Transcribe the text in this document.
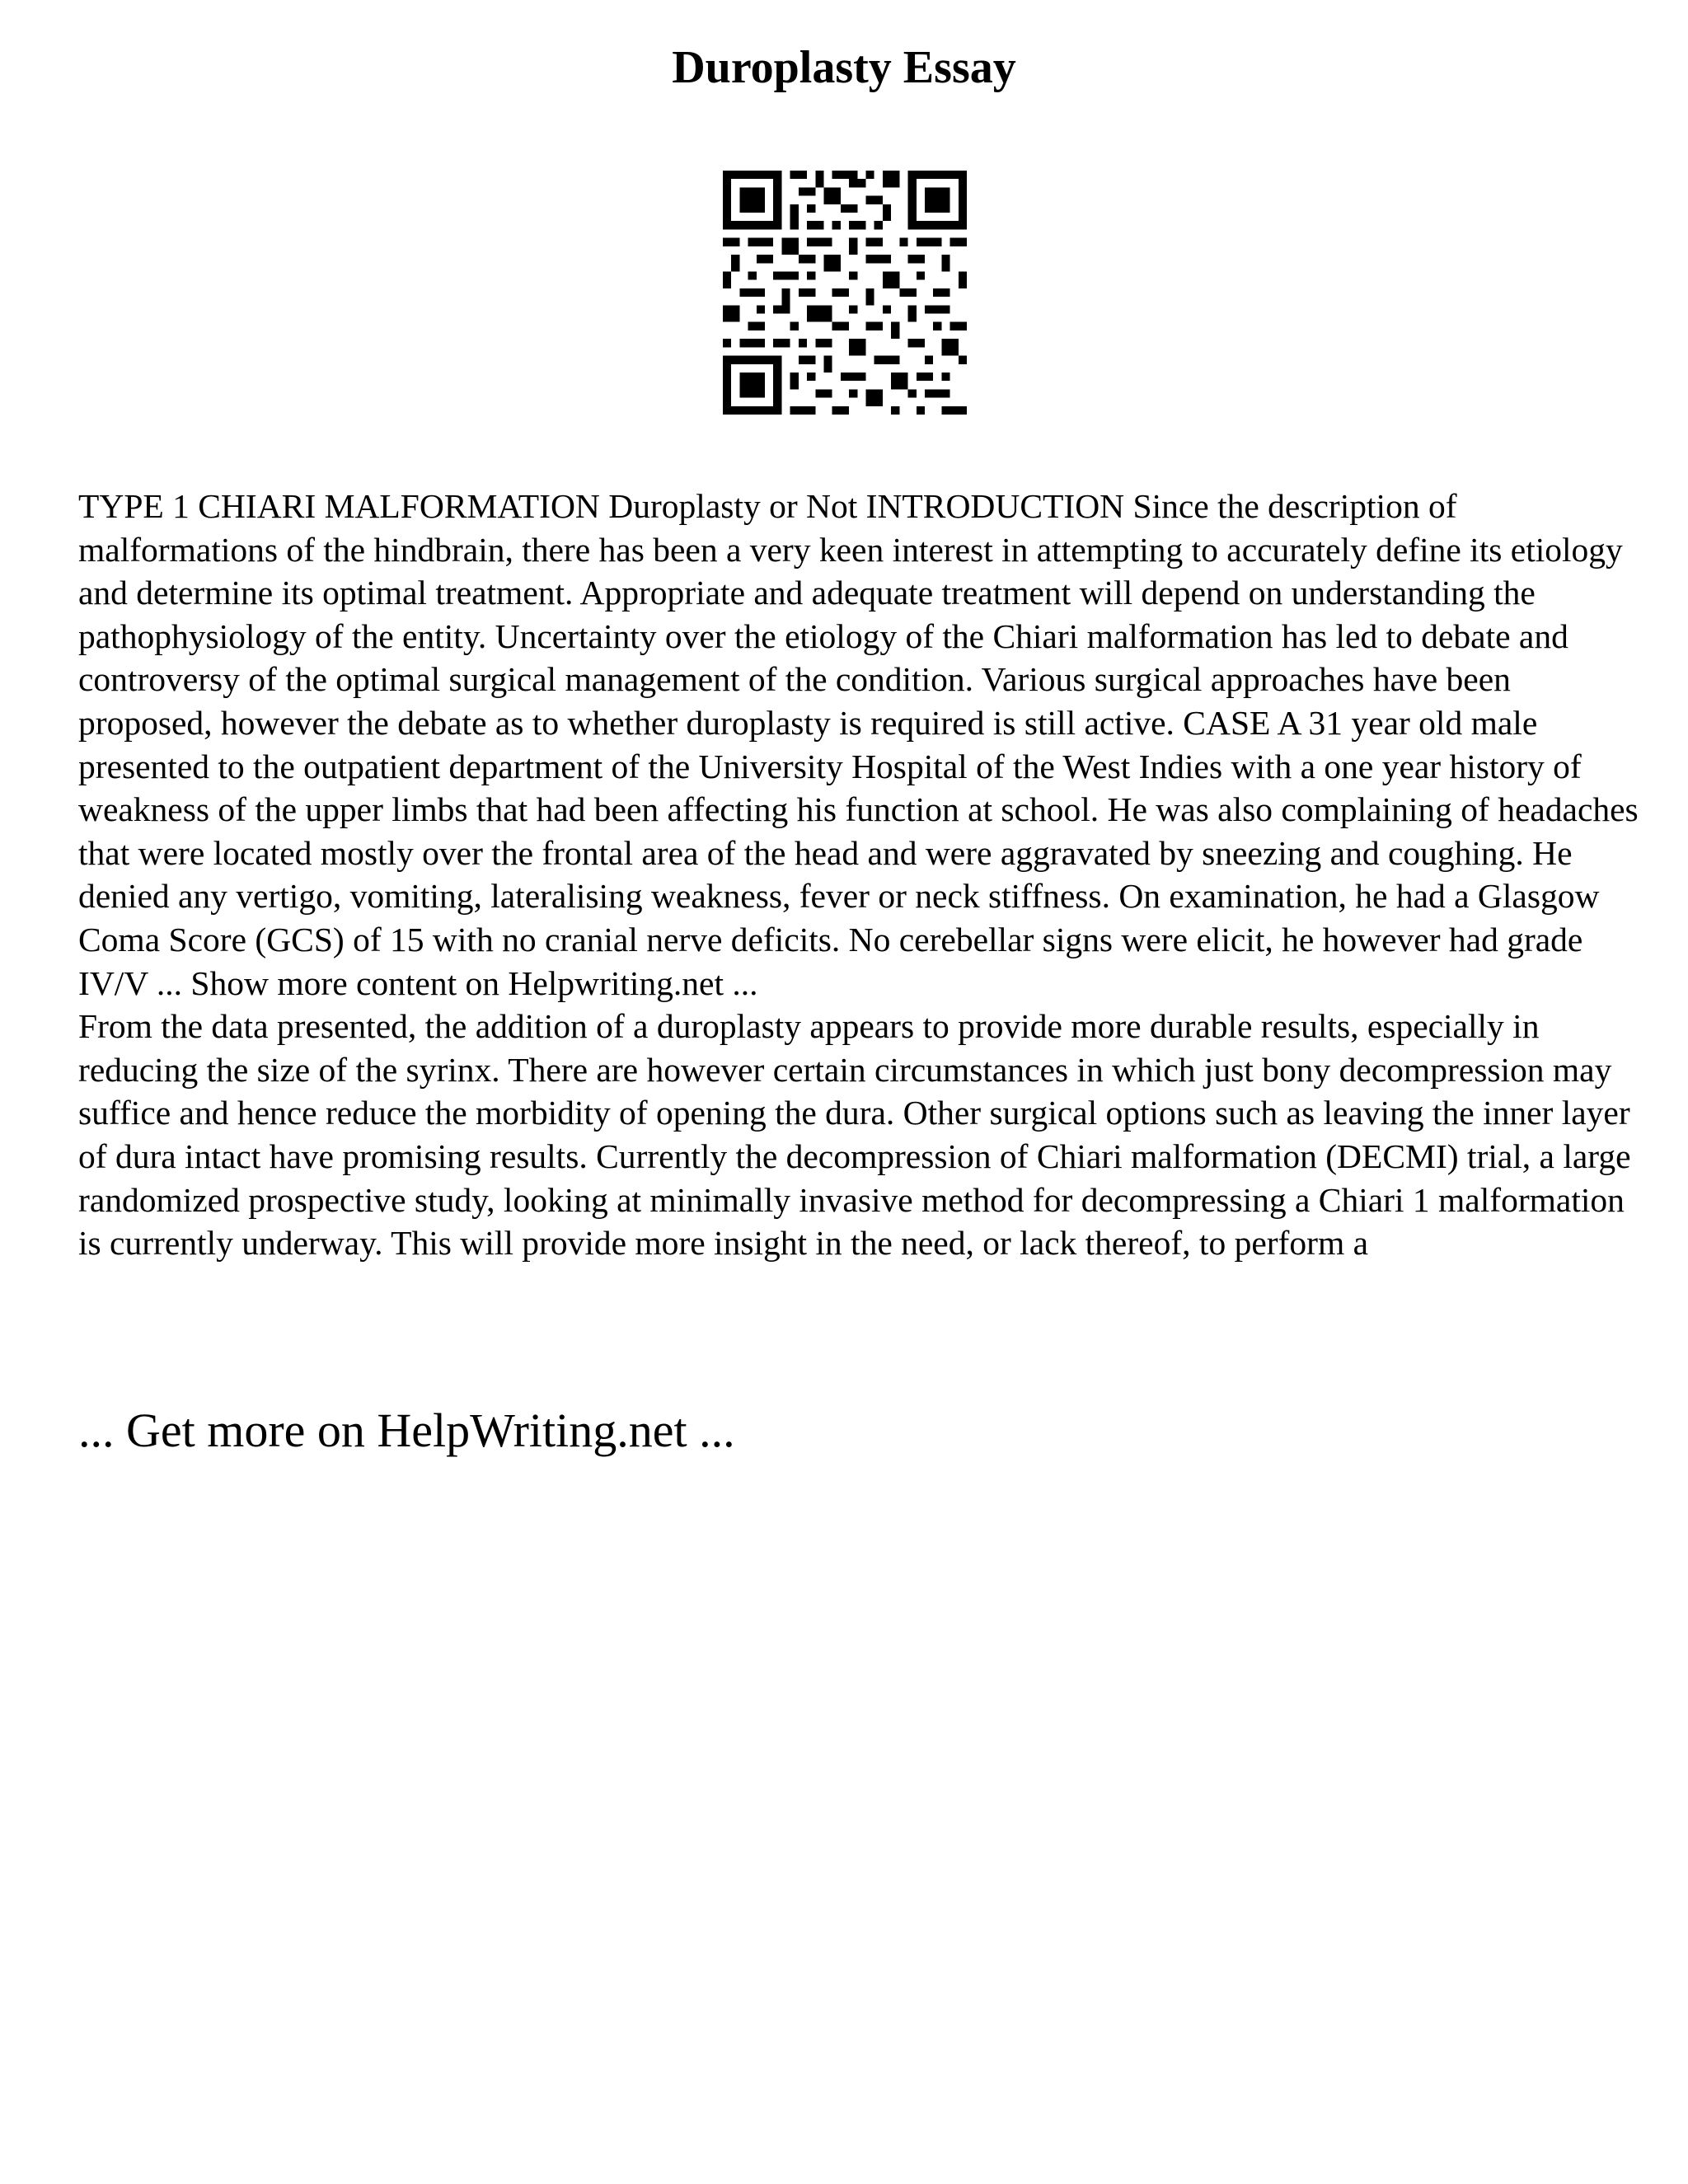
Duroplasty Essay

TYPE 1 CHIARI MALFORMATION Duroplasty or Not INTRODUCTION Since the description of malformations of the hindbrain, there has been a very keen interest in attempting to accurately define its etiology and determine its optimal treatment. Appropriate and adequate treatment will depend on understanding the pathophysiology of the entity. Uncertainty over the etiology of the Chiari malformation has led to debate and controversy of the optimal surgical management of the condition. Various surgical approaches have been proposed, however the debate as to whether duroplasty is required is still active. CASE A 31 year old male presented to the outpatient department of the University Hospital of the West Indies with a one year history of weakness of the upper limbs that had been affecting his function at school. He was also complaining of headaches that were located mostly over the frontal area of the head and were aggravated by sneezing and coughing. He denied any vertigo, vomiting, lateralising weakness, fever or neck stiffness. On examination, he had a Glasgow Coma Score (GCS) of 15 with no cranial nerve deficits. No cerebellar signs were elicit, he however had grade IV/V ... Show more content on Helpwriting.net ...

From the data presented, the addition of a duroplasty appears to provide more durable results, especially in reducing the size of the syrinx. There are however certain circumstances in which just bony decompression may suffice and hence reduce the morbidity of opening the dura. Other surgical options such as leaving the inner layer of dura intact have promising results. Currently the decompression of Chiari malformation (DECMI) trial, a large randomized prospective study, looking at minimally invasive method for decompressing a Chiari 1 malformation is currently underway. This will provide more insight in the need, or lack thereof, to perform a

... Get more on HelpWriting.net ...
